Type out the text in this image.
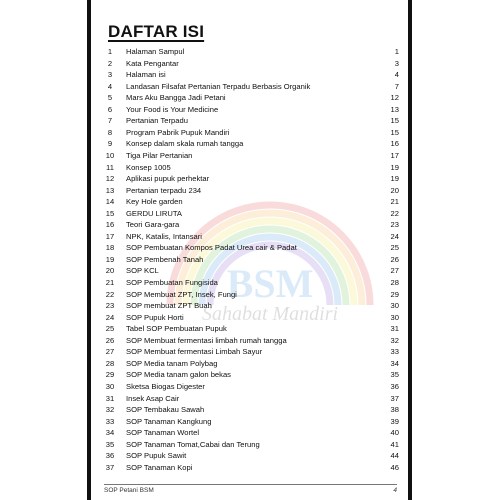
BSM
Sahabat Mandiri
DAFTAR ISI
1	Halaman Sampul	1
2	Kata Pengantar	3
3	Halaman isi	4
4	Landasan Filsafat Pertanian Terpadu Berbasis Organik	7
5	Mars Aku Bangga Jadi Petani	12
6	Your Food is Your Medicine	13
7	Pertanian Terpadu	15
8	Program Pabrik Pupuk Mandiri	15
9	Konsep dalam skala rumah tangga	16
10	Tiga Pilar Pertanian	17
11	Konsep 1005	19
12	Aplikasi pupuk perhektar	19
13	Pertanian terpadu 234	20
14	Key Hole garden	21
15	GERDU LIRUTA	22
16	Teori Gara-gara	23
17	NPK, Katalis, Intansari	24
18	SOP Pembuatan Kompos Padat Urea cair & Padat	25
19	SOP Pembenah Tanah	26
20	SOP KCL	27
21	SOP Pembuatan Fungisida	28
22	SOP Membuat ZPT, Insek, Fungi	29
23	SOP membuat ZPT Buah	30
24	SOP Pupuk Horti	30
25	Tabel SOP Pembuatan Pupuk	31
26	SOP Membuat fermentasi limbah rumah tangga	32
27	SOP Membuat fermentasi Limbah Sayur	33
28	SOP Media tanam Polybag	34
29	SOP Media tanam galon bekas	35
30	Sketsa Biogas Digester	36
31	Insek Asap Cair	37
32	SOP Tembakau Sawah	38
33	SOP Tanaman Kangkung	39
34	SOP Tanaman Wortel	40
35	SOP Tanaman Tomat,Cabai dan Terung	41
36	SOP Pupuk Sawit	44
37	SOP Tanaman Kopi	46
SOP Petani BSM	4
